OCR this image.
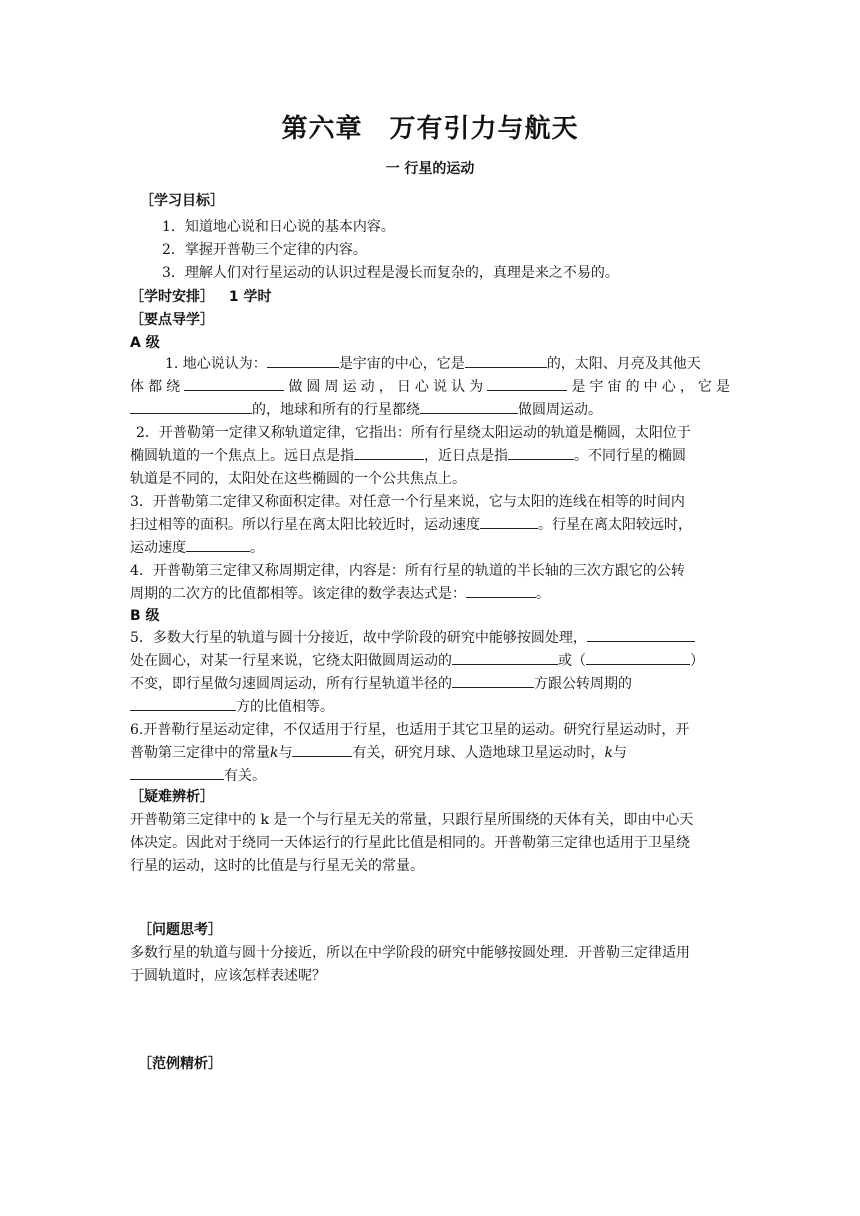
第六章　万有引力与航天
一 行星的运动
［学习目标］
1．知道地心说和日心说的基本内容。
2．掌握开普勒三个定律的内容。
3．理解人们对行星运动的认识过程是漫长而复杂的，真理是来之不易的。
［学时安排］ 1 学时
［要点导学］
A 级
1. 地心说认为：	是宇宙的中心，它是	的，太阳、月亮及其他天
体都绕	做圆周运动，日心说认为	是宇宙的中心，它是
的，地球和所有的行星都绕	做圆周运动。
2．开普勒第一定律又称轨道定律，它指出：所有行星绕太阳运动的轨道是椭圆，太阳位于
椭圆轨道的一个焦点上。远日点是指	，近日点是指	。不同行星的椭圆
轨道是不同的，太阳处在这些椭圆的一个公共焦点上。
3．开普勒第二定律又称面积定律。对任意一个行星来说，它与太阳的连线在相等的时间内
扫过相等的面积。所以行星在离太阳比较近时，运动速度	。行星在离太阳较远时，
运动速度	。
4．开普勒第三定律又称周期定律，内容是：所有行星的轨道的半长轴的三次方跟它的公转
周期的二次方的比值都相等。该定律的数学表达式是：	。
B 级
5．多数大行星的轨道与圆十分接近，故中学阶段的研究中能够按圆处理，
处在圆心，对某一行星来说，它绕太阳做圆周运动的	或（	）
不变，即行星做匀速圆周运动，所有行星轨道半径的	方跟公转周期的
方的比值相等。
6.开普勒行星运动定律，不仅适用于行星，也适用于其它卫星的运动。研究行星运动时，开
普勒第三定律中的常量k与	有关，研究月球、人造地球卫星运动时，k与
有关。
［疑难辨析］
开普勒第三定律中的 k 是一个与行星无关的常量，只跟行星所围绕的天体有关，即由中心天
体决定。因此对于绕同一天体运行的行星此比值是相同的。开普勒第三定律也适用于卫星绕
行星的运动，这时的比值是与行星无关的常量。
［问题思考］
多数行星的轨道与圆十分接近，所以在中学阶段的研究中能够按圆处理．开普勒三定律适用
于圆轨道时，应该怎样表述呢？
［范例精析］
